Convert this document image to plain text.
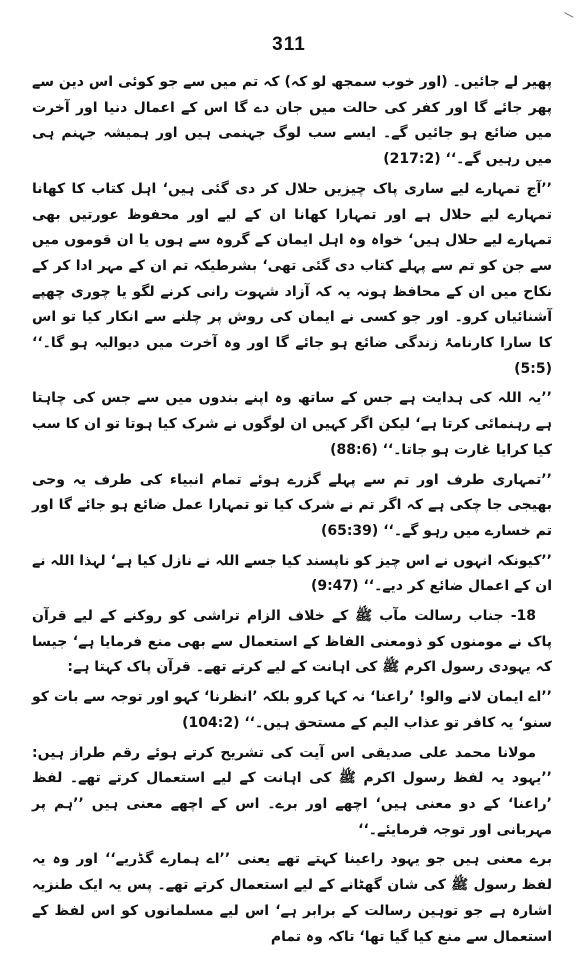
311

پھیر لے جائیں۔ (اور خوب سمجھ لو کہ) کہ تم میں سے جو کوئی اس دین سے پھر جائے گا اور کفر کی حالت میں جان دے گا اس کے اعمال دنیا اور آخرت میں ضائع ہو جائیں گے۔ ایسے سب لوگ جہنمی ہیں اور ہمیشہ جہنم ہی میں رہیں گے۔‘‘ (217:2)

’’آج تمہارے لیے ساری پاک چیزیں حلال کر دی گئی ہیں‘ اہل کتاب کا کھانا تمہارے لیے حلال ہے اور تمہارا کھانا ان کے لیے اور محفوظ عورتیں بھی تمہارے لیے حلال ہیں‘ خواہ وہ اہل ایمان کے گروہ سے ہوں یا ان قوموں میں سے جن کو تم سے پہلے کتاب دی گئی تھی‘ بشرطیکہ تم ان کے مہر ادا کر کے نکاح میں ان کے محافظ ہونہ یہ کہ آزاد شہوت رانی کرنے لگو یا چوری چھپے آشنائیاں کرو۔ اور جو کسی نے ایمان کی روش پر چلنے سے انکار کیا تو اس کا سارا کارنامۂ زندگی ضائع ہو جائے گا اور وہ آخرت میں دیوالیہ ہو گا۔‘‘ (5:5)

’’یہ اللہ کی ہدایت ہے جس کے ساتھ وہ اپنے بندوں میں سے جس کی چاہتا ہے رہنمائی کرتا ہے‘ لیکن اگر کہیں ان لوگوں نے شرک کیا ہوتا تو ان کا سب کیا کرایا غارت ہو جاتا۔‘‘ (88:6)

’’تمہاری طرف اور تم سے پہلے گزرے ہوئے تمام انبیاء کی طرف یہ وحی بھیجی جا چکی ہے کہ اگر تم نے شرک کیا تو تمہارا عمل ضائع ہو جائے گا اور تم خسارے میں رہو گے۔‘‘ (65:39)

’’کیونکہ انہوں نے اس چیز کو ناپسند کیا جسے اللہ نے نازل کیا ہے‘ لہذا اللہ نے ان کے اعمال ضائع کر دیے۔‘‘ (9:47)

18- جناب رسالت مآب ﷺ کے خلاف الزام تراشی کو روکنے کے لیے قرآن پاک نے مومنوں کو ذومعنی الفاظ کے استعمال سے بھی منع فرمایا ہے‘ جیسا کہ یہودی رسول اکرم ﷺ کی اہانت کے لیے کرتے تھے۔ قرآن پاک کہتا ہے:

’’اے ایمان لانے والو! ’راعنا‘ نہ کہا کرو بلکہ ’انظرنا‘ کہو اور توجہ سے بات کو سنو‘ یہ کافر تو عذاب الیم کے مستحق ہیں۔‘‘ (104:2)

مولانا محمد علی صدیقی اس آیت کی تشریح کرتے ہوئے رقم طراز ہیں: ’’یہود یہ لفظ رسول اکرم ﷺ کی اہانت کے لیے استعمال کرتے تھے۔ لفظ ’راعنا‘ کے دو معنی ہیں‘ اچھے اور برے۔ اس کے اچھے معنی ہیں ’’ہم پر مہربانی اور توجہ فرمایئے۔‘‘

برے معنی ہیں جو یہود راعینا کہتے تھے یعنی ’’اے ہمارے گڈریے‘‘ اور وہ یہ لفظ رسول ﷺ کی شان گھٹانے کے لیے استعمال کرتے تھے۔ پس یہ ایک طنزیہ اشارہ ہے جو توہین رسالت کے برابر ہے‘ اس لیے مسلمانوں کو اس لفظ کے استعمال سے منع کیا گیا تھا‘ تاکہ وہ تمام
